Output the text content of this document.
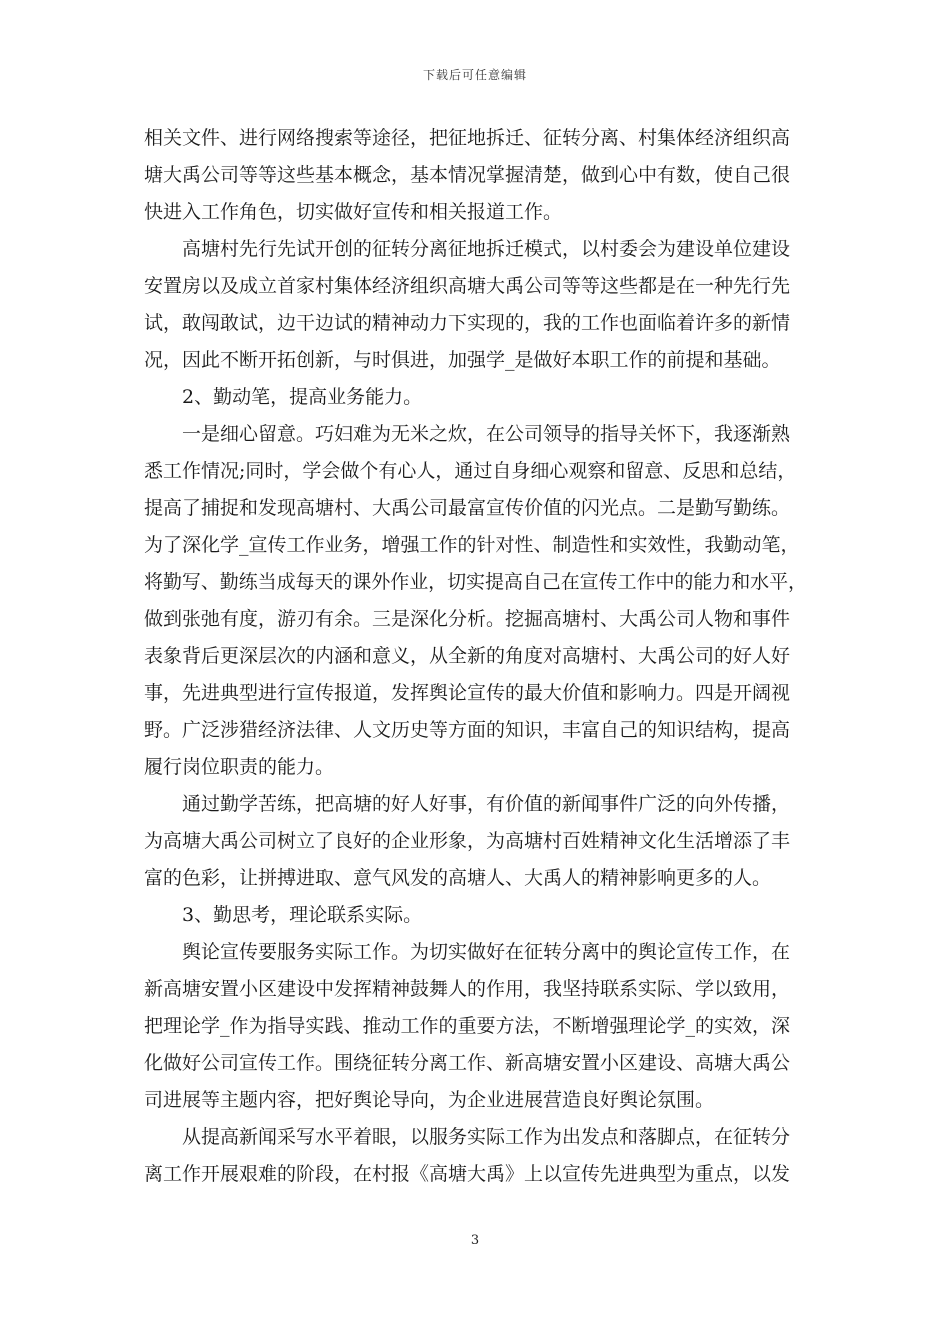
下载后可任意编辑
相关文件、进行网络搜索等途径，把征地拆迁、征转分离、村集体经济组织高
塘大禹公司等等这些基本概念，基本情况掌握清楚，做到心中有数，使自己很
快进入工作角色，切实做好宣传和相关报道工作。
高塘村先行先试开创的征转分离征地拆迁模式，以村委会为建设单位建设
安置房以及成立首家村集体经济组织高塘大禹公司等等这些都是在一种先行先
试，敢闯敢试，边干边试的精神动力下实现的，我的工作也面临着许多的新情
况，因此不断开拓创新，与时俱进，加强学_是做好本职工作的前提和基础。
2、勤动笔，提高业务能力。
一是细心留意。巧妇难为无米之炊，在公司领导的指导关怀下，我逐渐熟
悉工作情况;同时，学会做个有心人，通过自身细心观察和留意、反思和总结，
提高了捕捉和发现高塘村、大禹公司最富宣传价值的闪光点。二是勤写勤练。
为了深化学_宣传工作业务，增强工作的针对性、制造性和实效性，我勤动笔，
将勤写、勤练当成每天的课外作业，切实提高自己在宣传工作中的能力和水平，
做到张弛有度，游刃有余。三是深化分析。挖掘高塘村、大禹公司人物和事件
表象背后更深层次的内涵和意义，从全新的角度对高塘村、大禹公司的好人好
事，先进典型进行宣传报道，发挥舆论宣传的最大价值和影响力。四是开阔视
野。广泛涉猎经济法律、人文历史等方面的知识，丰富自己的知识结构，提高
履行岗位职责的能力。
通过勤学苦练，把高塘的好人好事，有价值的新闻事件广泛的向外传播，
为高塘大禹公司树立了良好的企业形象，为高塘村百姓精神文化生活增添了丰
富的色彩，让拼搏进取、意气风发的高塘人、大禹人的精神影响更多的人。
3、勤思考，理论联系实际。
舆论宣传要服务实际工作。为切实做好在征转分离中的舆论宣传工作，在
新高塘安置小区建设中发挥精神鼓舞人的作用，我坚持联系实际、学以致用，
把理论学_作为指导实践、推动工作的重要方法，不断增强理论学_的实效，深
化做好公司宣传工作。围绕征转分离工作、新高塘安置小区建设、高塘大禹公
司进展等主题内容，把好舆论导向，为企业进展营造良好舆论氛围。
从提高新闻采写水平着眼，以服务实际工作为出发点和落脚点，在征转分
离工作开展艰难的阶段，在村报《高塘大禹》上以宣传先进典型为重点，以发
3
